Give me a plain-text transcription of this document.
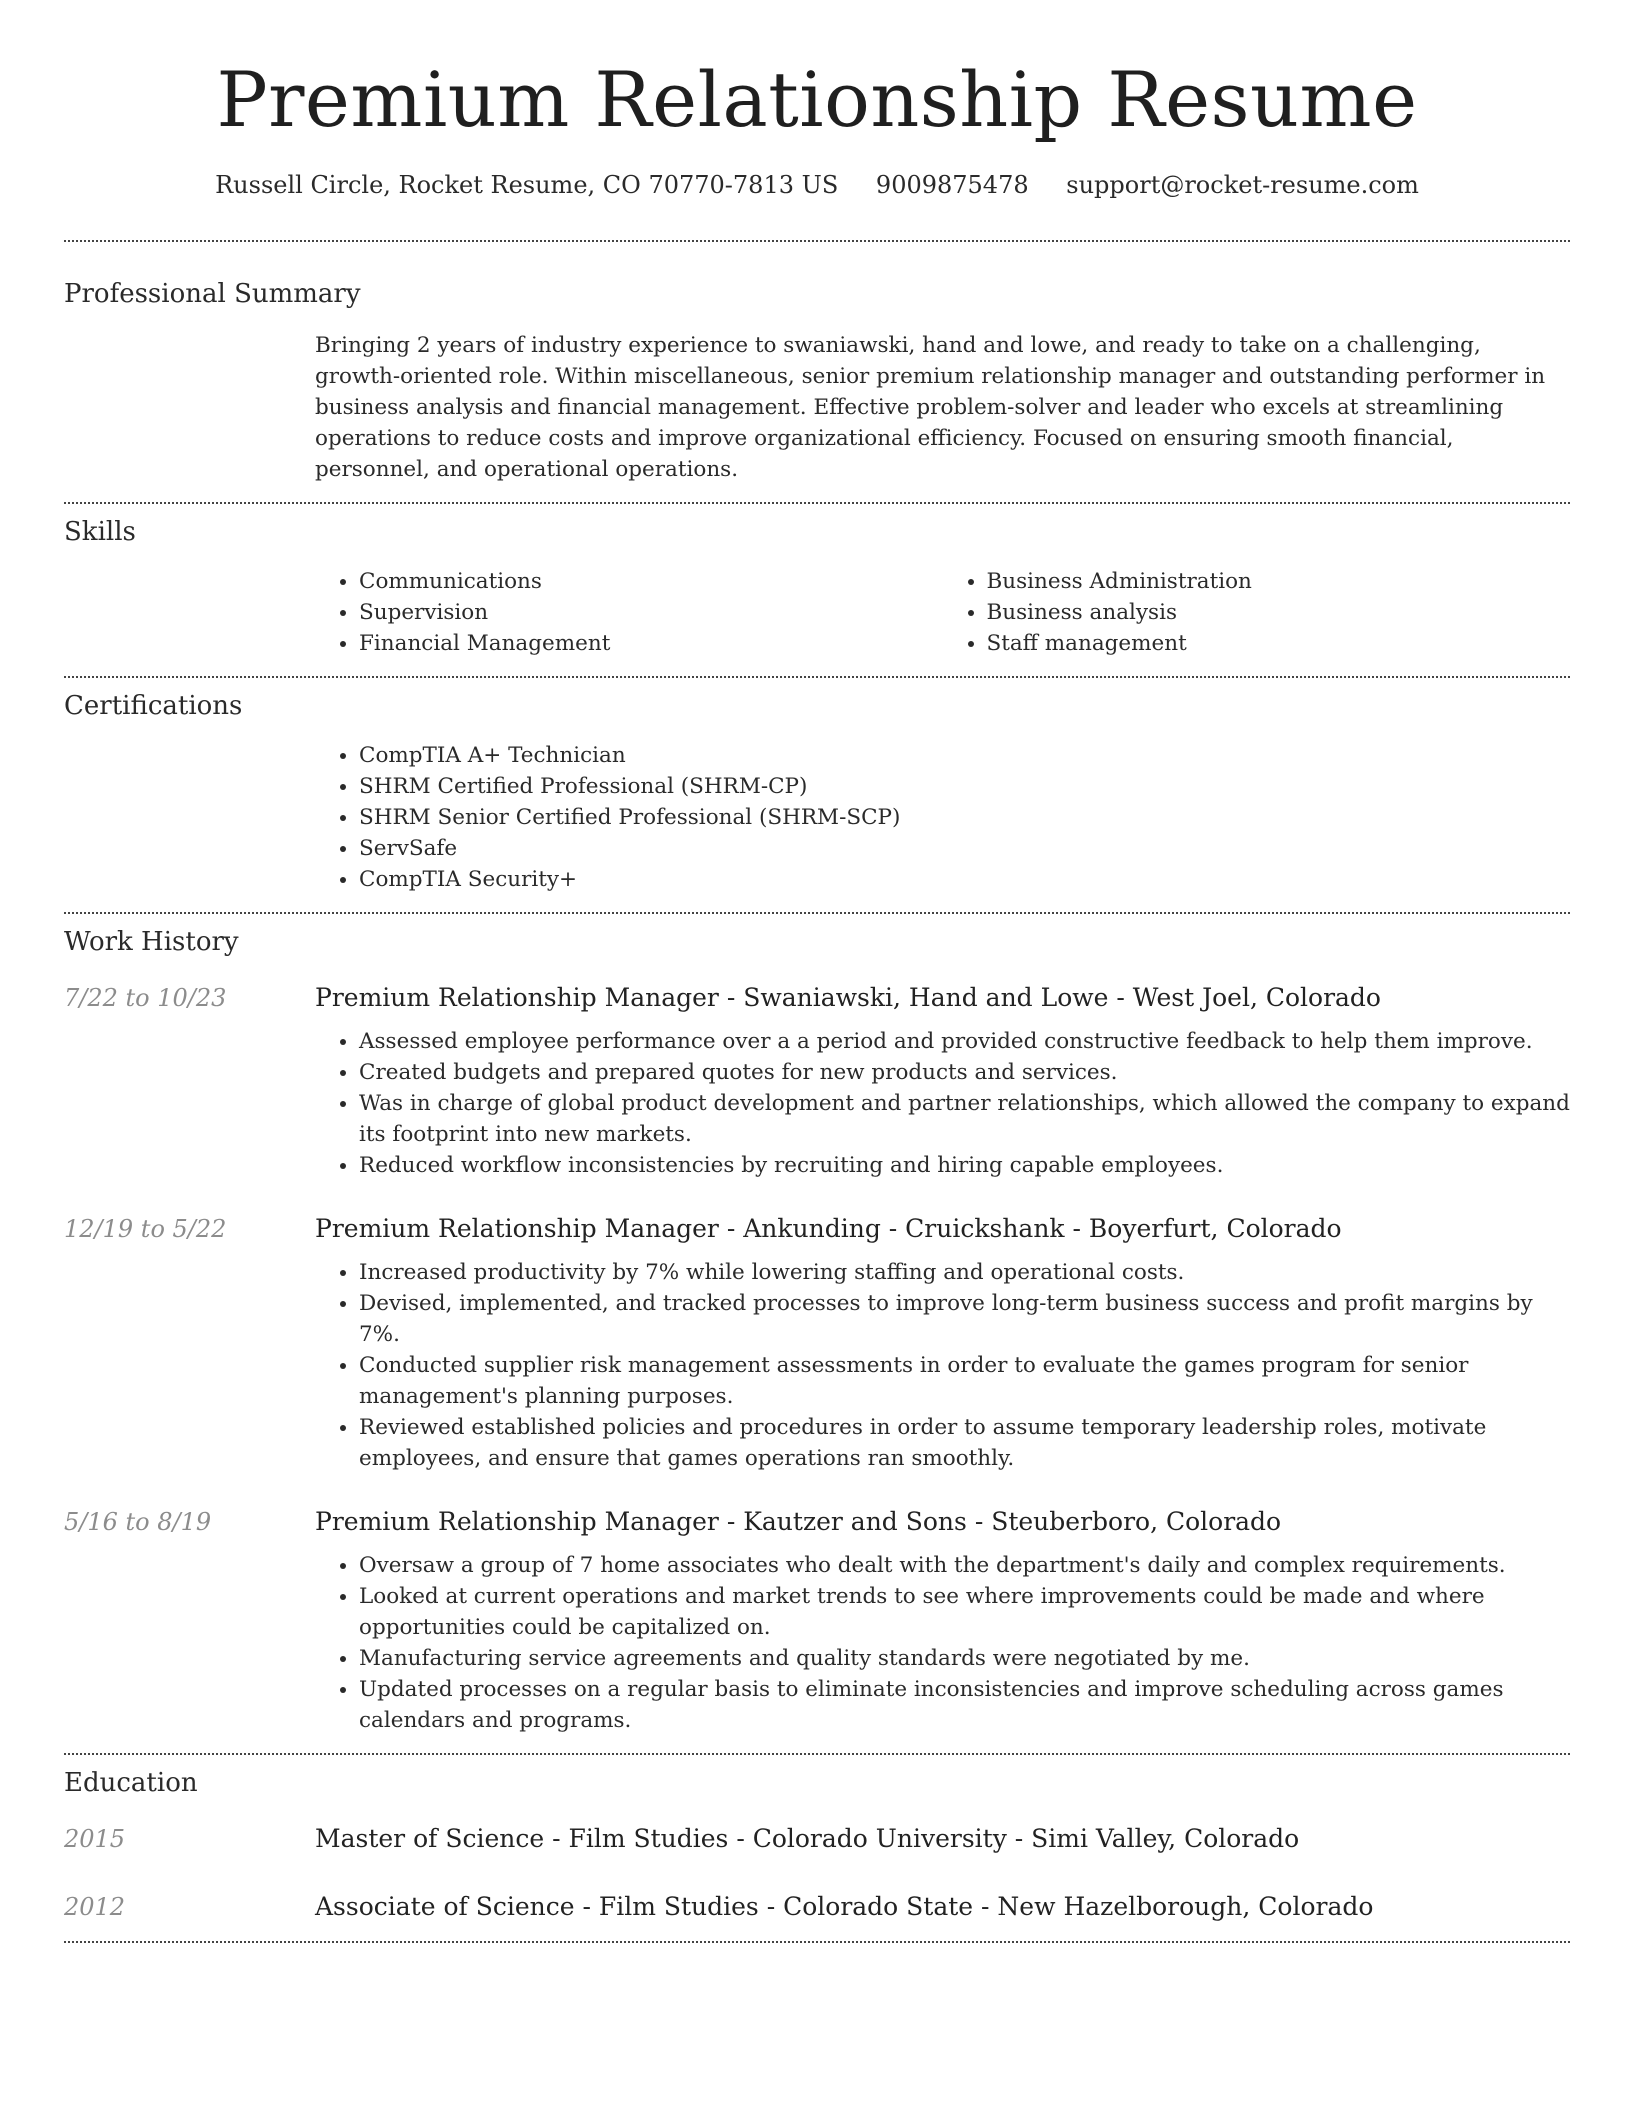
Premium Relationship Resume
Russell Circle, Rocket Resume, CO 70770-7813 US 9009875478 support@rocket-resume.com
Professional Summary

Bringing 2 years of industry experience to swaniawski, hand and lowe, and ready to take on a challenging, growth-oriented role. Within miscellaneous, senior premium relationship manager and outstanding performer in business analysis and financial management. Effective problem-solver and leader who excels at streamlining operations to reduce costs and improve organizational efficiency. Focused on ensuring smooth financial, personnel, and operational operations.

Skills
• Communications
• Supervision
• Financial Management
• Business Administration
• Business analysis
• Staff management
Certifications
• CompTIA A+ Technician
• SHRM Certified Professional (SHRM-CP)
• SHRM Senior Certified Professional (SHRM-SCP)
• ServSafe
• CompTIA Security+
Work History
7/22 to 10/23	Premium Relationship Manager - Swaniawski, Hand and Lowe - West Joel, Colorado
• Assessed employee performance over a a period and provided constructive feedback to help them improve.
• Created budgets and prepared quotes for new products and services.
• Was in charge of global product development and partner relationships, which allowed the company to expand its footprint into new markets.
• Reduced workflow inconsistencies by recruiting and hiring capable employees.
12/19 to 5/22	Premium Relationship Manager - Ankunding - Cruickshank - Boyerfurt, Colorado
• Increased productivity by 7% while lowering staffing and operational costs.
• Devised, implemented, and tracked processes to improve long-term business success and profit margins by 7%.
• Conducted supplier risk management assessments in order to evaluate the games program for senior management's planning purposes.
• Reviewed established policies and procedures in order to assume temporary leadership roles, motivate employees, and ensure that games operations ran smoothly.
5/16 to 8/19	Premium Relationship Manager - Kautzer and Sons - Steuberboro, Colorado
• Oversaw a group of 7 home associates who dealt with the department's daily and complex requirements.
• Looked at current operations and market trends to see where improvements could be made and where opportunities could be capitalized on.
• Manufacturing service agreements and quality standards were negotiated by me.
• Updated processes on a regular basis to eliminate inconsistencies and improve scheduling across games calendars and programs.
Education
2015	Master of Science - Film Studies - Colorado University - Simi Valley, Colorado
2012	Associate of Science - Film Studies - Colorado State - New Hazelborough, Colorado
